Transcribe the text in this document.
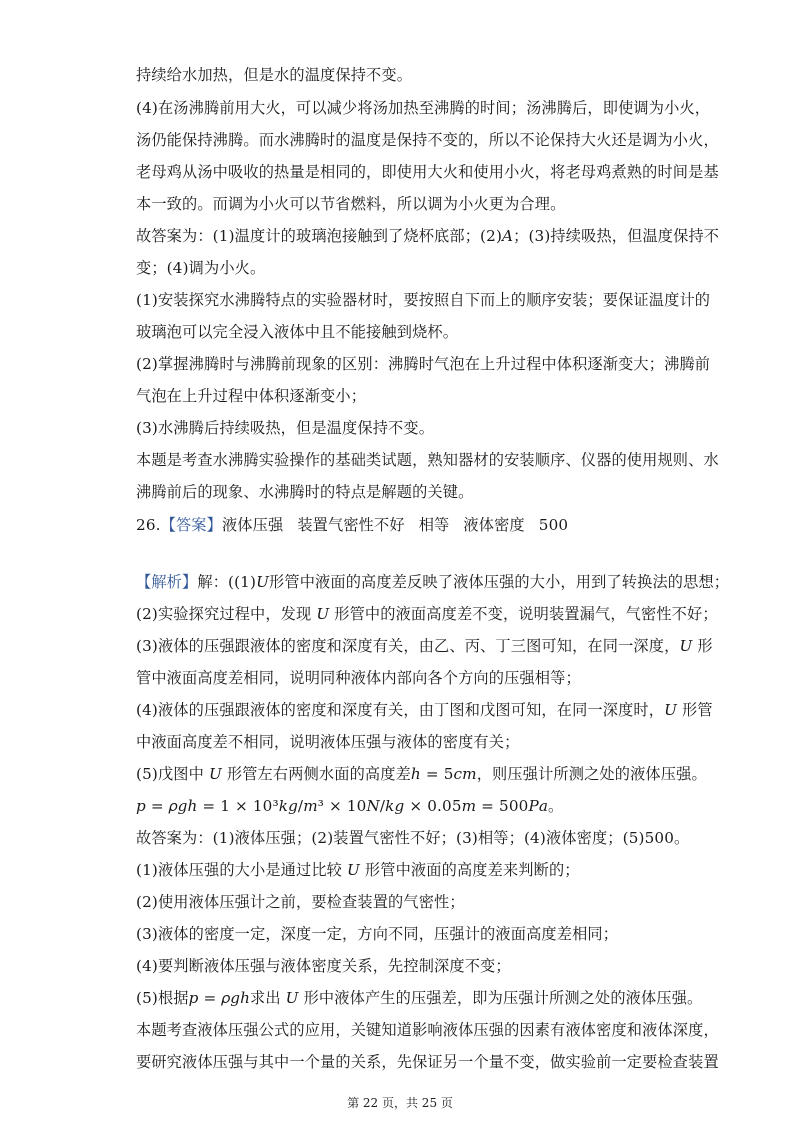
持续给水加热，但是水的温度保持不变。
(4)在汤沸腾前用大火，可以减少将汤加热至沸腾的时间；汤沸腾后，即使调为小火，
汤仍能保持沸腾。而水沸腾时的温度是保持不变的，所以不论保持大火还是调为小火，
老母鸡从汤中吸收的热量是相同的，即使用大火和使用小火，将老母鸡煮熟的时间是基
本一致的。而调为小火可以节省燃料，所以调为小火更为合理。
故答案为：(1)温度计的玻璃泡接触到了烧杯底部；(2)𝐴；(3)持续吸热，但温度保持不
变；(4)调为小火。
(1)安装探究水沸腾特点的实验器材时，要按照自下而上的顺序安装；要保证温度计的
玻璃泡可以完全浸入液体中且不能接触到烧杯。
(2)掌握沸腾时与沸腾前现象的区别：沸腾时气泡在上升过程中体积逐渐变大；沸腾前
气泡在上升过程中体积逐渐变小；
(3)水沸腾后持续吸热，但是温度保持不变。
本题是考查水沸腾实验操作的基础类试题，熟知器材的安装顺序、仪器的使用规则、水
沸腾前后的现象、水沸腾时的特点是解题的关键。
26.【答案】液体压强 装置气密性不好 相等 液体密度 500
【解析】解：((1)𝑈形管中液面的高度差反映了液体压强的大小，用到了转换法的思想；
(2)实验探究过程中，发现 𝑈 形管中的液面高度差不变，说明装置漏气，气密性不好；
(3)液体的压强跟液体的密度和深度有关，由乙、丙、丁三图可知，在同一深度，𝑈 形
管中液面高度差相同，说明同种液体内部向各个方向的压强相等；
(4)液体的压强跟液体的密度和深度有关，由丁图和戊图可知，在同一深度时，𝑈 形管
中液面高度差不相同，说明液体压强与液体的密度有关；
(5)戊图中 𝑈 形管左右两侧水面的高度差ℎ = 5𝑐𝑚，则压强计所测之处的液体压强。
𝑝 = 𝜌𝑔ℎ = 1 × 10³𝑘𝑔/𝑚³ × 10𝑁/𝑘𝑔 × 0.05𝑚 = 500𝑃𝑎。
故答案为：(1)液体压强；(2)装置气密性不好；(3)相等；(4)液体密度；(5)500。
(1)液体压强的大小是通过比较 𝑈 形管中液面的高度差来判断的；
(2)使用液体压强计之前，要检查装置的气密性；
(3)液体的密度一定，深度一定，方向不同，压强计的液面高度差相同；
(4)要判断液体压强与液体密度关系，先控制深度不变；
(5)根据𝑝 = 𝜌𝑔ℎ求出 𝑈 形中液体产生的压强差，即为压强计所测之处的液体压强。
本题考查液体压强公式的应用，关键知道影响液体压强的因素有液体密度和液体深度，
要研究液体压强与其中一个量的关系，先保证另一个量不变，做实验前一定要检查装置
第 22 页，共 25 页
